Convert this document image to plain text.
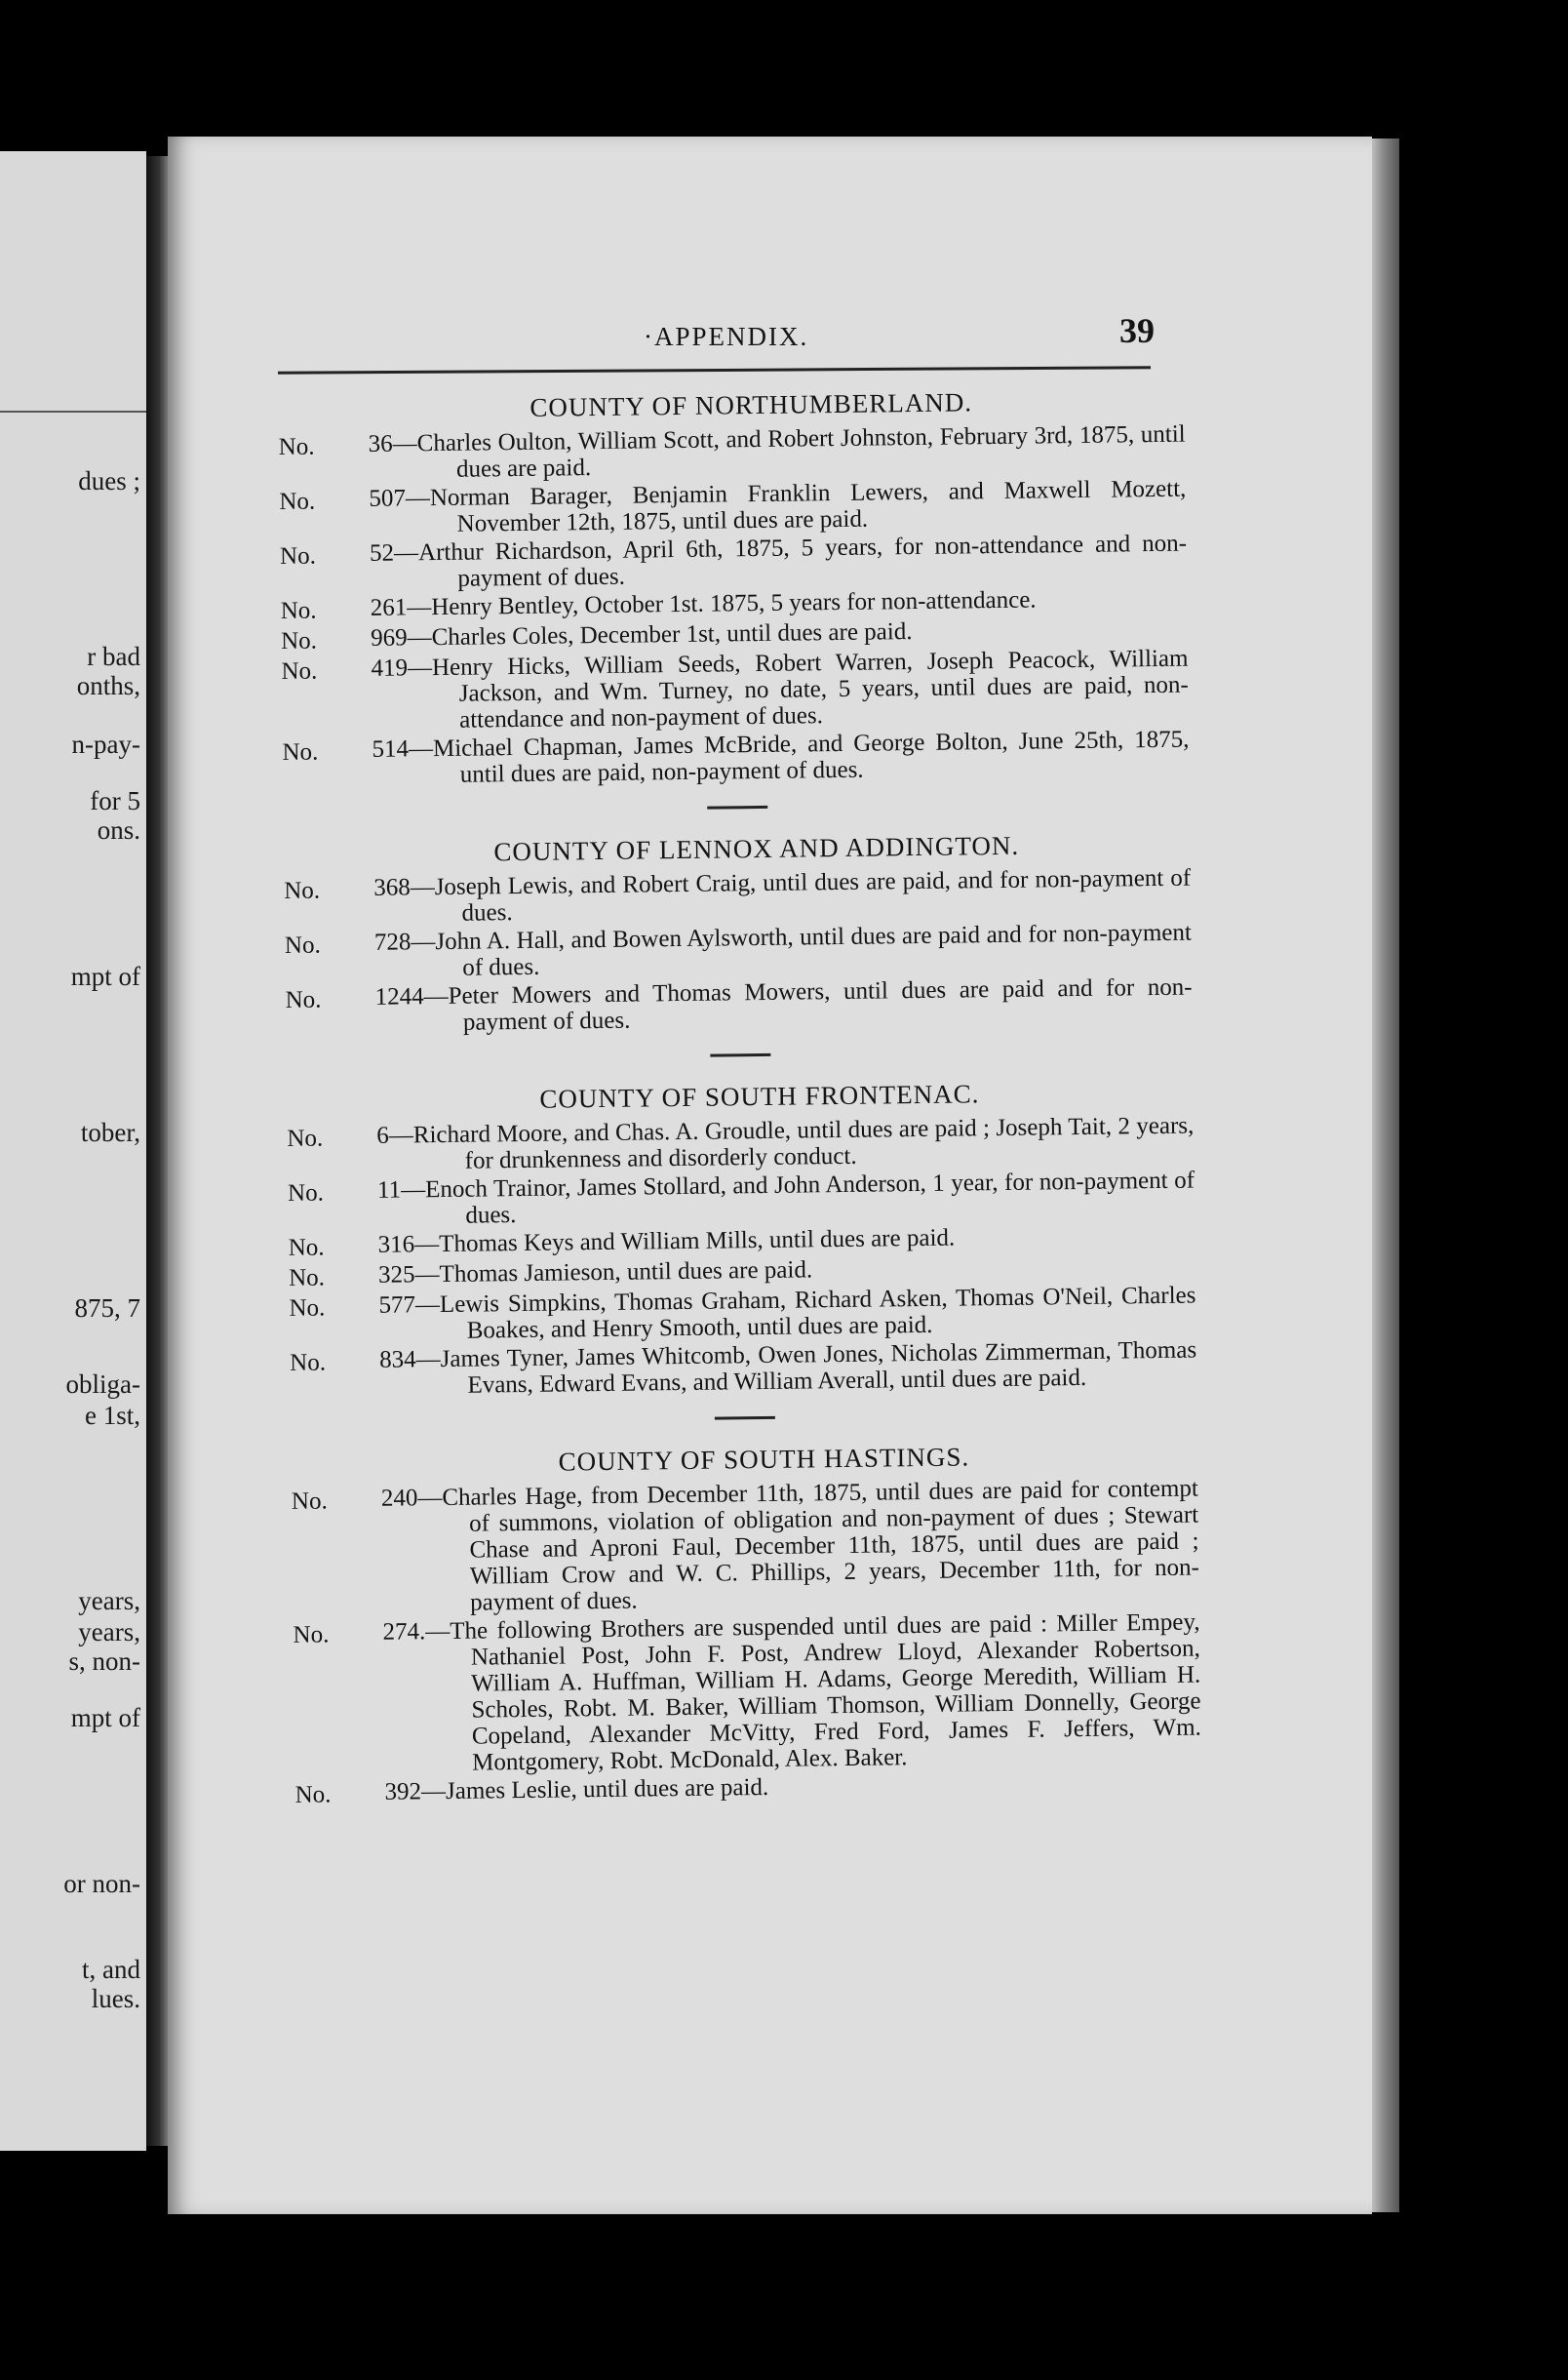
dues ;
r bad
onths,
n-pay-
for 5
ons.
mpt of
tober,
875, 7
obliga-
e 1st,
years,
years,
s, non-
mpt of
or non-
t, and
lues.
·APPENDIX.	39
COUNTY OF NORTHUMBERLAND.
No.	36—Charles Oulton, William Scott, and Robert Johnston, February 3rd, 1875, until dues are paid.
No.	507—Norman Barager, Benjamin Franklin Lewers, and Maxwell Mozett, November 12th, 1875, until dues are paid.
No.	52—Arthur Richardson, April 6th, 1875, 5 years, for non-attendance and non-payment of dues.
No.	261—Henry Bentley, October 1st. 1875, 5 years for non-attendance.
No.	969—Charles Coles, December 1st, until dues are paid.
No.	419—Henry Hicks, William Seeds, Robert Warren, Joseph Peacock, William Jackson, and Wm. Turney, no date, 5 years, until dues are paid, non-attendance and non-payment of dues.
No.	514—Michael Chapman, James McBride, and George Bolton, June 25th, 1875, until dues are paid, non-payment of dues.
COUNTY OF LENNOX AND ADDINGTON.
No.	368—Joseph Lewis, and Robert Craig, until dues are paid, and for non-payment of dues.
No.	728—John A. Hall, and Bowen Aylsworth, until dues are paid and for non-payment of dues.
No.	1244—Peter Mowers and Thomas Mowers, until dues are paid and for non-payment of dues.
COUNTY OF SOUTH FRONTENAC.
No.	6—Richard Moore, and Chas. A. Groudle, until dues are paid ; Joseph Tait, 2 years, for drunkenness and disorderly conduct.
No.	11—Enoch Trainor, James Stollard, and John Anderson, 1 year, for non-payment of dues.
No.	316—Thomas Keys and William Mills, until dues are paid.
No.	325—Thomas Jamieson, until dues are paid.
No.	577—Lewis Simpkins, Thomas Graham, Richard Asken, Thomas O'Neil, Charles Boakes, and Henry Smooth, until dues are paid.
No.	834—James Tyner, James Whitcomb, Owen Jones, Nicholas Zimmerman, Thomas Evans, Edward Evans, and William Averall, until dues are paid.
COUNTY OF SOUTH HASTINGS.
No.	240—Charles Hage, from December 11th, 1875, until dues are paid for contempt of summons, violation of obligation and non-payment of dues ; Stewart Chase and Aproni Faul, December 11th, 1875, until dues are paid ; William Crow and W. C. Phillips, 2 years, December 11th, for non-payment of dues.
No.	274.—The following Brothers are suspended until dues are paid : Miller Empey, Nathaniel Post, John F. Post, Andrew Lloyd, Alexander Robertson, William A. Huffman, William H. Adams, George Meredith, William H. Scholes, Robt. M. Baker, William Thomson, William Donnelly, George Copeland, Alexander McVitty, Fred Ford, James F. Jeffers, Wm. Montgomery, Robt. McDonald, Alex. Baker.
No.	392—James Leslie, until dues are paid.
